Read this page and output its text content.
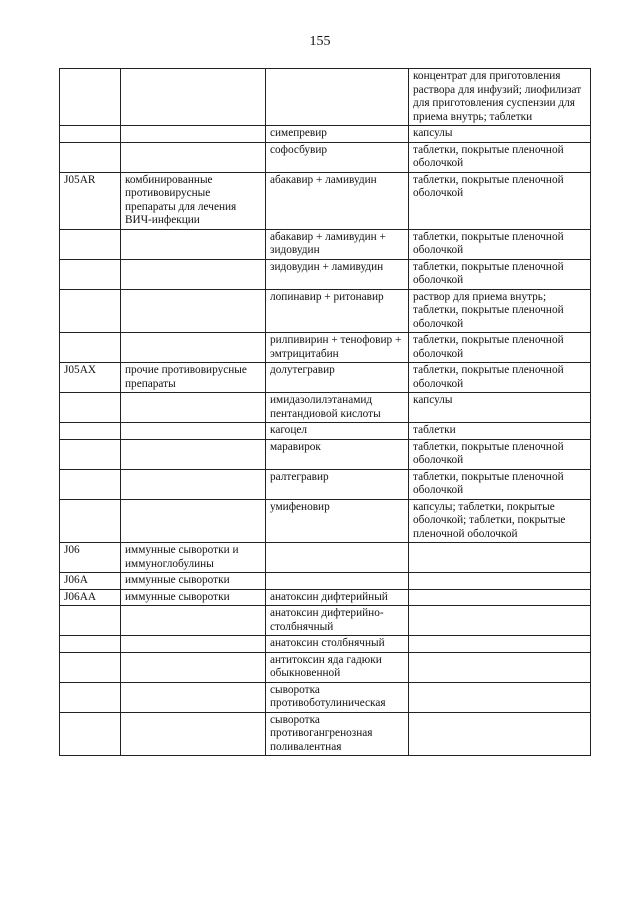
155
			концентрат для приготовления раствора для инфузий; лиофилизат для приготовления суспензии для приема внутрь; таблетки
		симепревир	капсулы
		софосбувир	таблетки, покрытые пленочной оболочкой
J05AR	комбинированные противовирусные препараты для лечения ВИЧ-инфекции	абакавир + ламивудин	таблетки, покрытые пленочной оболочкой
		абакавир + ламивудин + зидовудин	таблетки, покрытые пленочной оболочкой
		зидовудин + ламивудин	таблетки, покрытые пленочной оболочкой
		лопинавир + ритонавир	раствор для приема внутрь; таблетки, покрытые пленочной оболочкой
		рилпивирин + тенофовир + эмтрицитабин	таблетки, покрытые пленочной оболочкой
J05AX	прочие противовирусные препараты	долутегравир	таблетки, покрытые пленочной оболочкой
		имидазолилэтанамид пентандиовой кислоты	капсулы
		кагоцел	таблетки
		маравирок	таблетки, покрытые пленочной оболочкой
		ралтегравир	таблетки, покрытые пленочной оболочкой
		умифеновир	капсулы; таблетки, покрытые оболочкой; таблетки, покрытые пленочной оболочкой
J06	иммунные сыворотки и иммуноглобулины		
J06A	иммунные сыворотки		
J06AA	иммунные сыворотки	анатоксин дифтерийный	
		анатоксин дифтерийно-столбнячный	
		анатоксин столбнячный	
		антитоксин яда гадюки обыкновенной	
		сыворотка противоботулиническая	
		сыворотка противогангренозная поливалентная	
